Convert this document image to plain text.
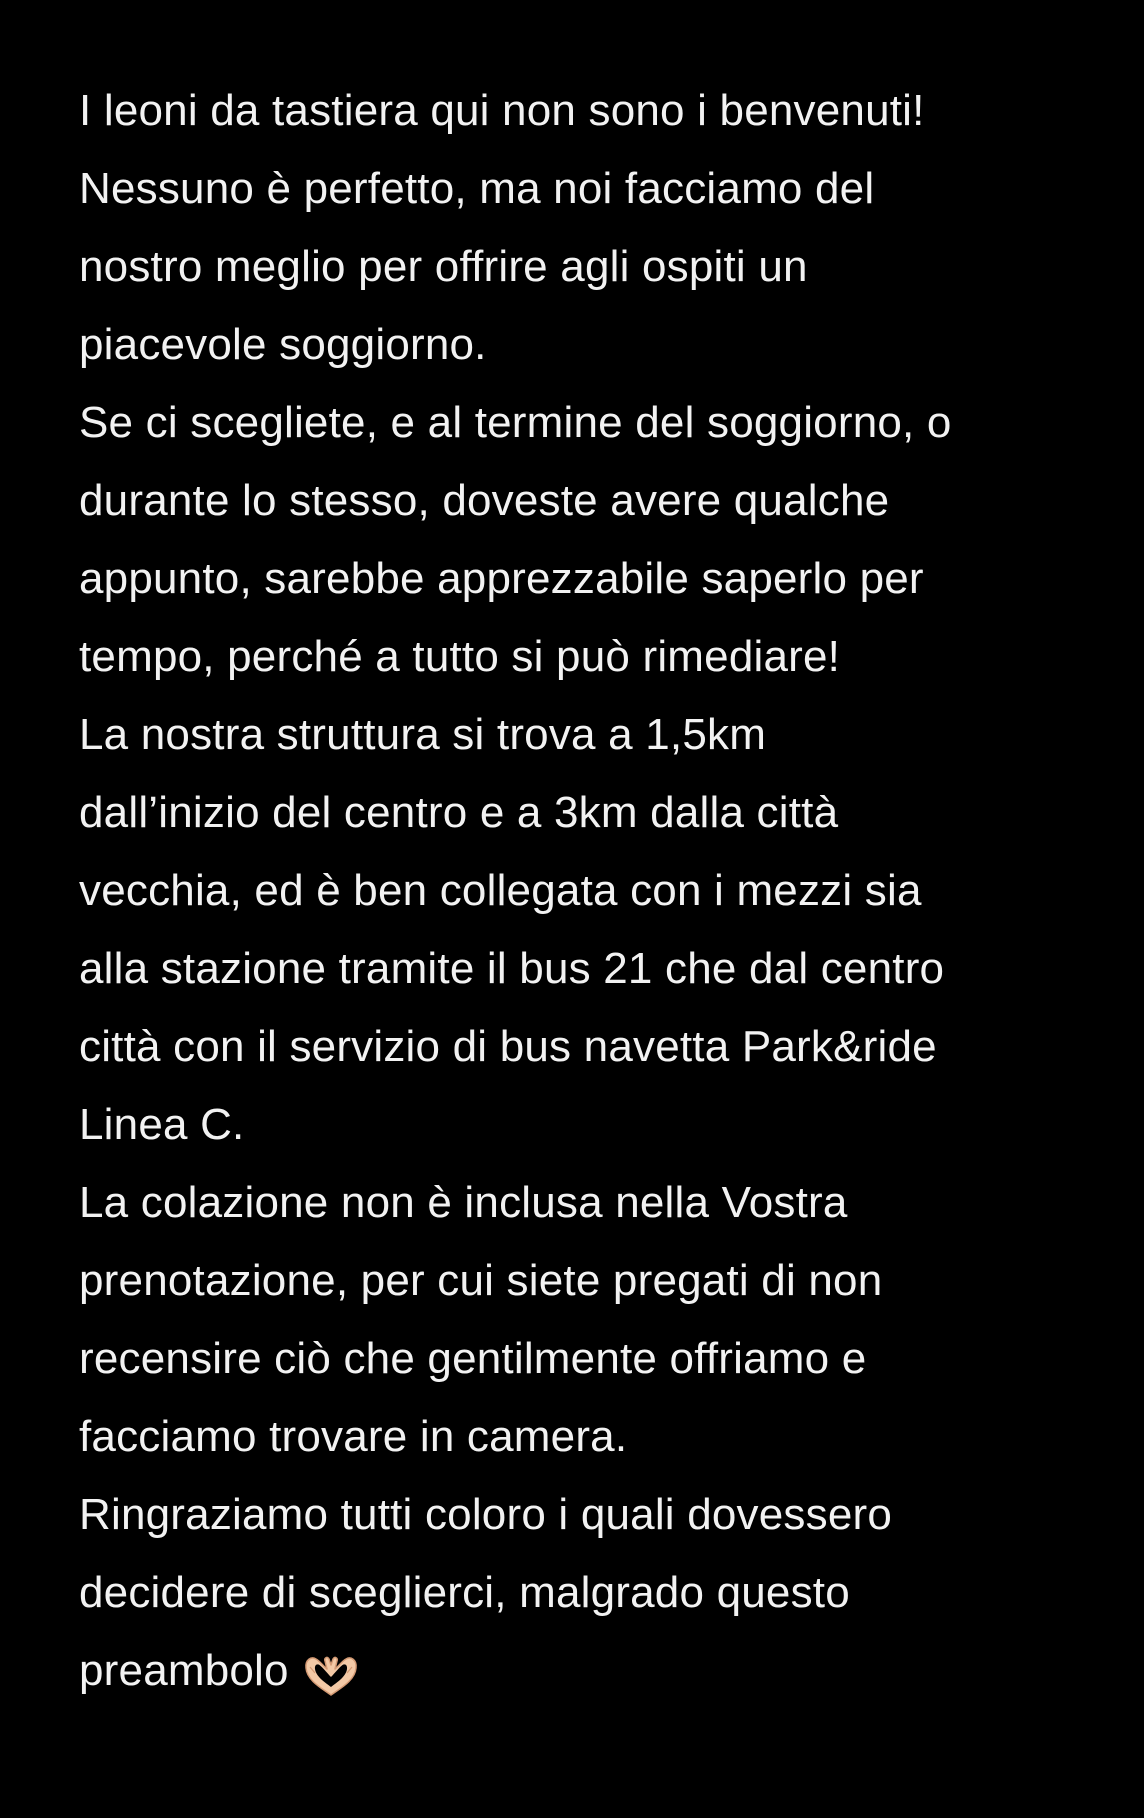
I leoni da tastiera qui non sono i benvenuti!
Nessuno è perfetto, ma noi facciamo del
nostro meglio per offrire agli ospiti un
piacevole soggiorno.
Se ci scegliete, e al termine del soggiorno, o
durante lo stesso, doveste avere qualche
appunto, sarebbe apprezzabile saperlo per
tempo, perché a tutto si può rimediare!
La nostra struttura si trova a 1,5km
dall’inizio del centro e a 3km dalla città
vecchia, ed è ben collegata con i mezzi sia
alla stazione tramite il bus 21 che dal centro
città con il servizio di bus navetta Park&ride
Linea C.
La colazione non è inclusa nella Vostra
prenotazione, per cui siete pregati di non
recensire ciò che gentilmente offriamo e
facciamo trovare in camera.
Ringraziamo tutti coloro i quali dovessero
decidere di sceglierci, malgrado questo
preambolo
